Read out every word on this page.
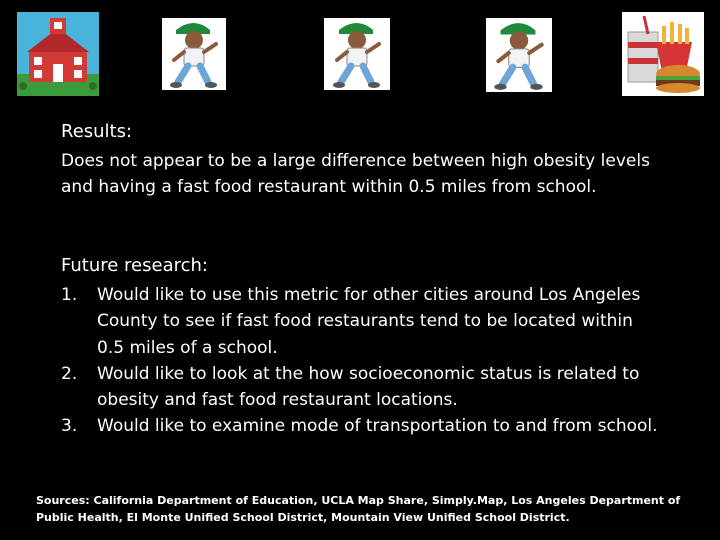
Results:
Does not appear to be a large difference between high obesity levels and having a fast food restaurant within 0.5 miles from school.
Future research:
1. Would like to use this metric for other cities around Los Angeles County to see if fast food restaurants tend to be located within 0.5 miles of a school.
2. Would like to look at the how socioeconomic status is related to obesity and fast food restaurant locations.
3. Would like to examine mode of transportation to and from school.
Sources: California Department of Education, UCLA Map Share, Simply.Map, Los Angeles Department of Public Health, El Monte Unified School District, Mountain View Unified School District.
